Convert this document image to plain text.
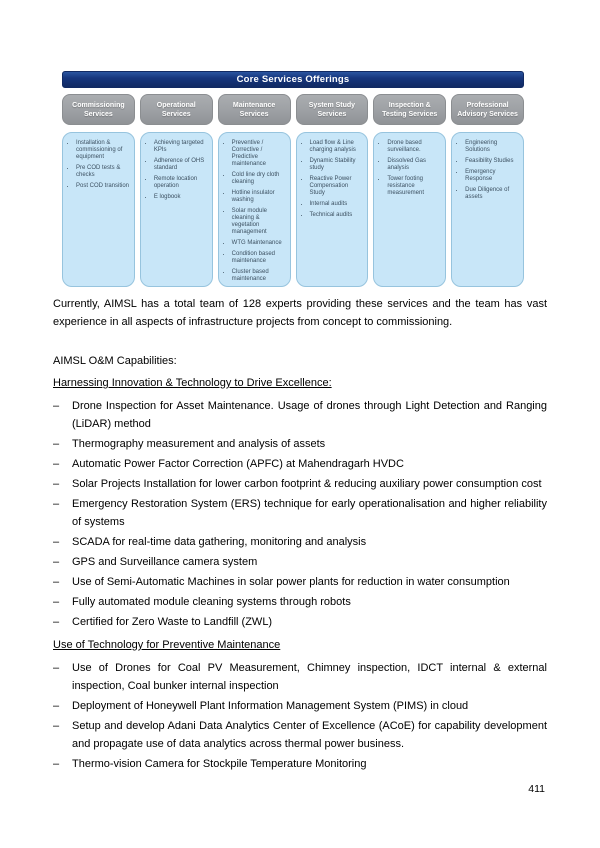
Core Services Offerings
Commissioning Services
• Installation & commissioning of equipment
• Pre COD tests & checks
• Post COD transition
Operational Services
• Achieving targeted KPIs
• Adherence of OHS standard
• Remote location operation
• E logbook
Maintenance Services
• Preventive / Corrective / Predictive maintenance
• Cold line dry cloth cleaning
• Hotline insulator washing
• Solar module cleaning & vegetation management
• WTG Maintenance
• Condition based maintenance
• Cluster based maintenance
System Study Services
• Load flow & Line charging analysis
• Dynamic Stability study
• Reactive Power Compensation Study
• Internal audits
• Technical audits
Inspection & Testing Services
• Drone based surveillance.
• Dissolved Gas analysis
• Tower footing resistance measurement
Professional Advisory Services
• Engineering Solutions
• Feasibility Studies
• Emergency Response
• Due Diligence of assets

Currently, AIMSL has a total team of 128 experts providing these services and the team has vast experience in all aspects of infrastructure projects from concept to commissioning.

AIMSL O&M Capabilities:

Harnessing Innovation & Technology to Drive Excellence:

–	Drone Inspection for Asset Maintenance. Usage of drones through Light Detection and Ranging (LiDAR) method
–	Thermography measurement and analysis of assets
–	Automatic Power Factor Correction (APFC) at Mahendragarh HVDC
–	Solar Projects Installation for lower carbon footprint & reducing auxiliary power consumption cost
–	Emergency Restoration System (ERS) technique for early operationalisation and higher reliability of systems
–	SCADA for real-time data gathering, monitoring and analysis
–	GPS and Surveillance camera system
–	Use of Semi-Automatic Machines in solar power plants for reduction in water consumption
–	Fully automated module cleaning systems through robots
–	Certified for Zero Waste to Landfill (ZWL)

Use of Technology for Preventive Maintenance

–	Use of Drones for Coal PV Measurement, Chimney inspection, IDCT internal & external inspection, Coal bunker internal inspection
–	Deployment of Honeywell Plant Information Management System (PIMS) in cloud
–	Setup and develop Adani Data Analytics Center of Excellence (ACoE) for capability development and propagate use of data analytics across thermal power business.
–	Thermo-vision Camera for Stockpile Temperature Monitoring
411
